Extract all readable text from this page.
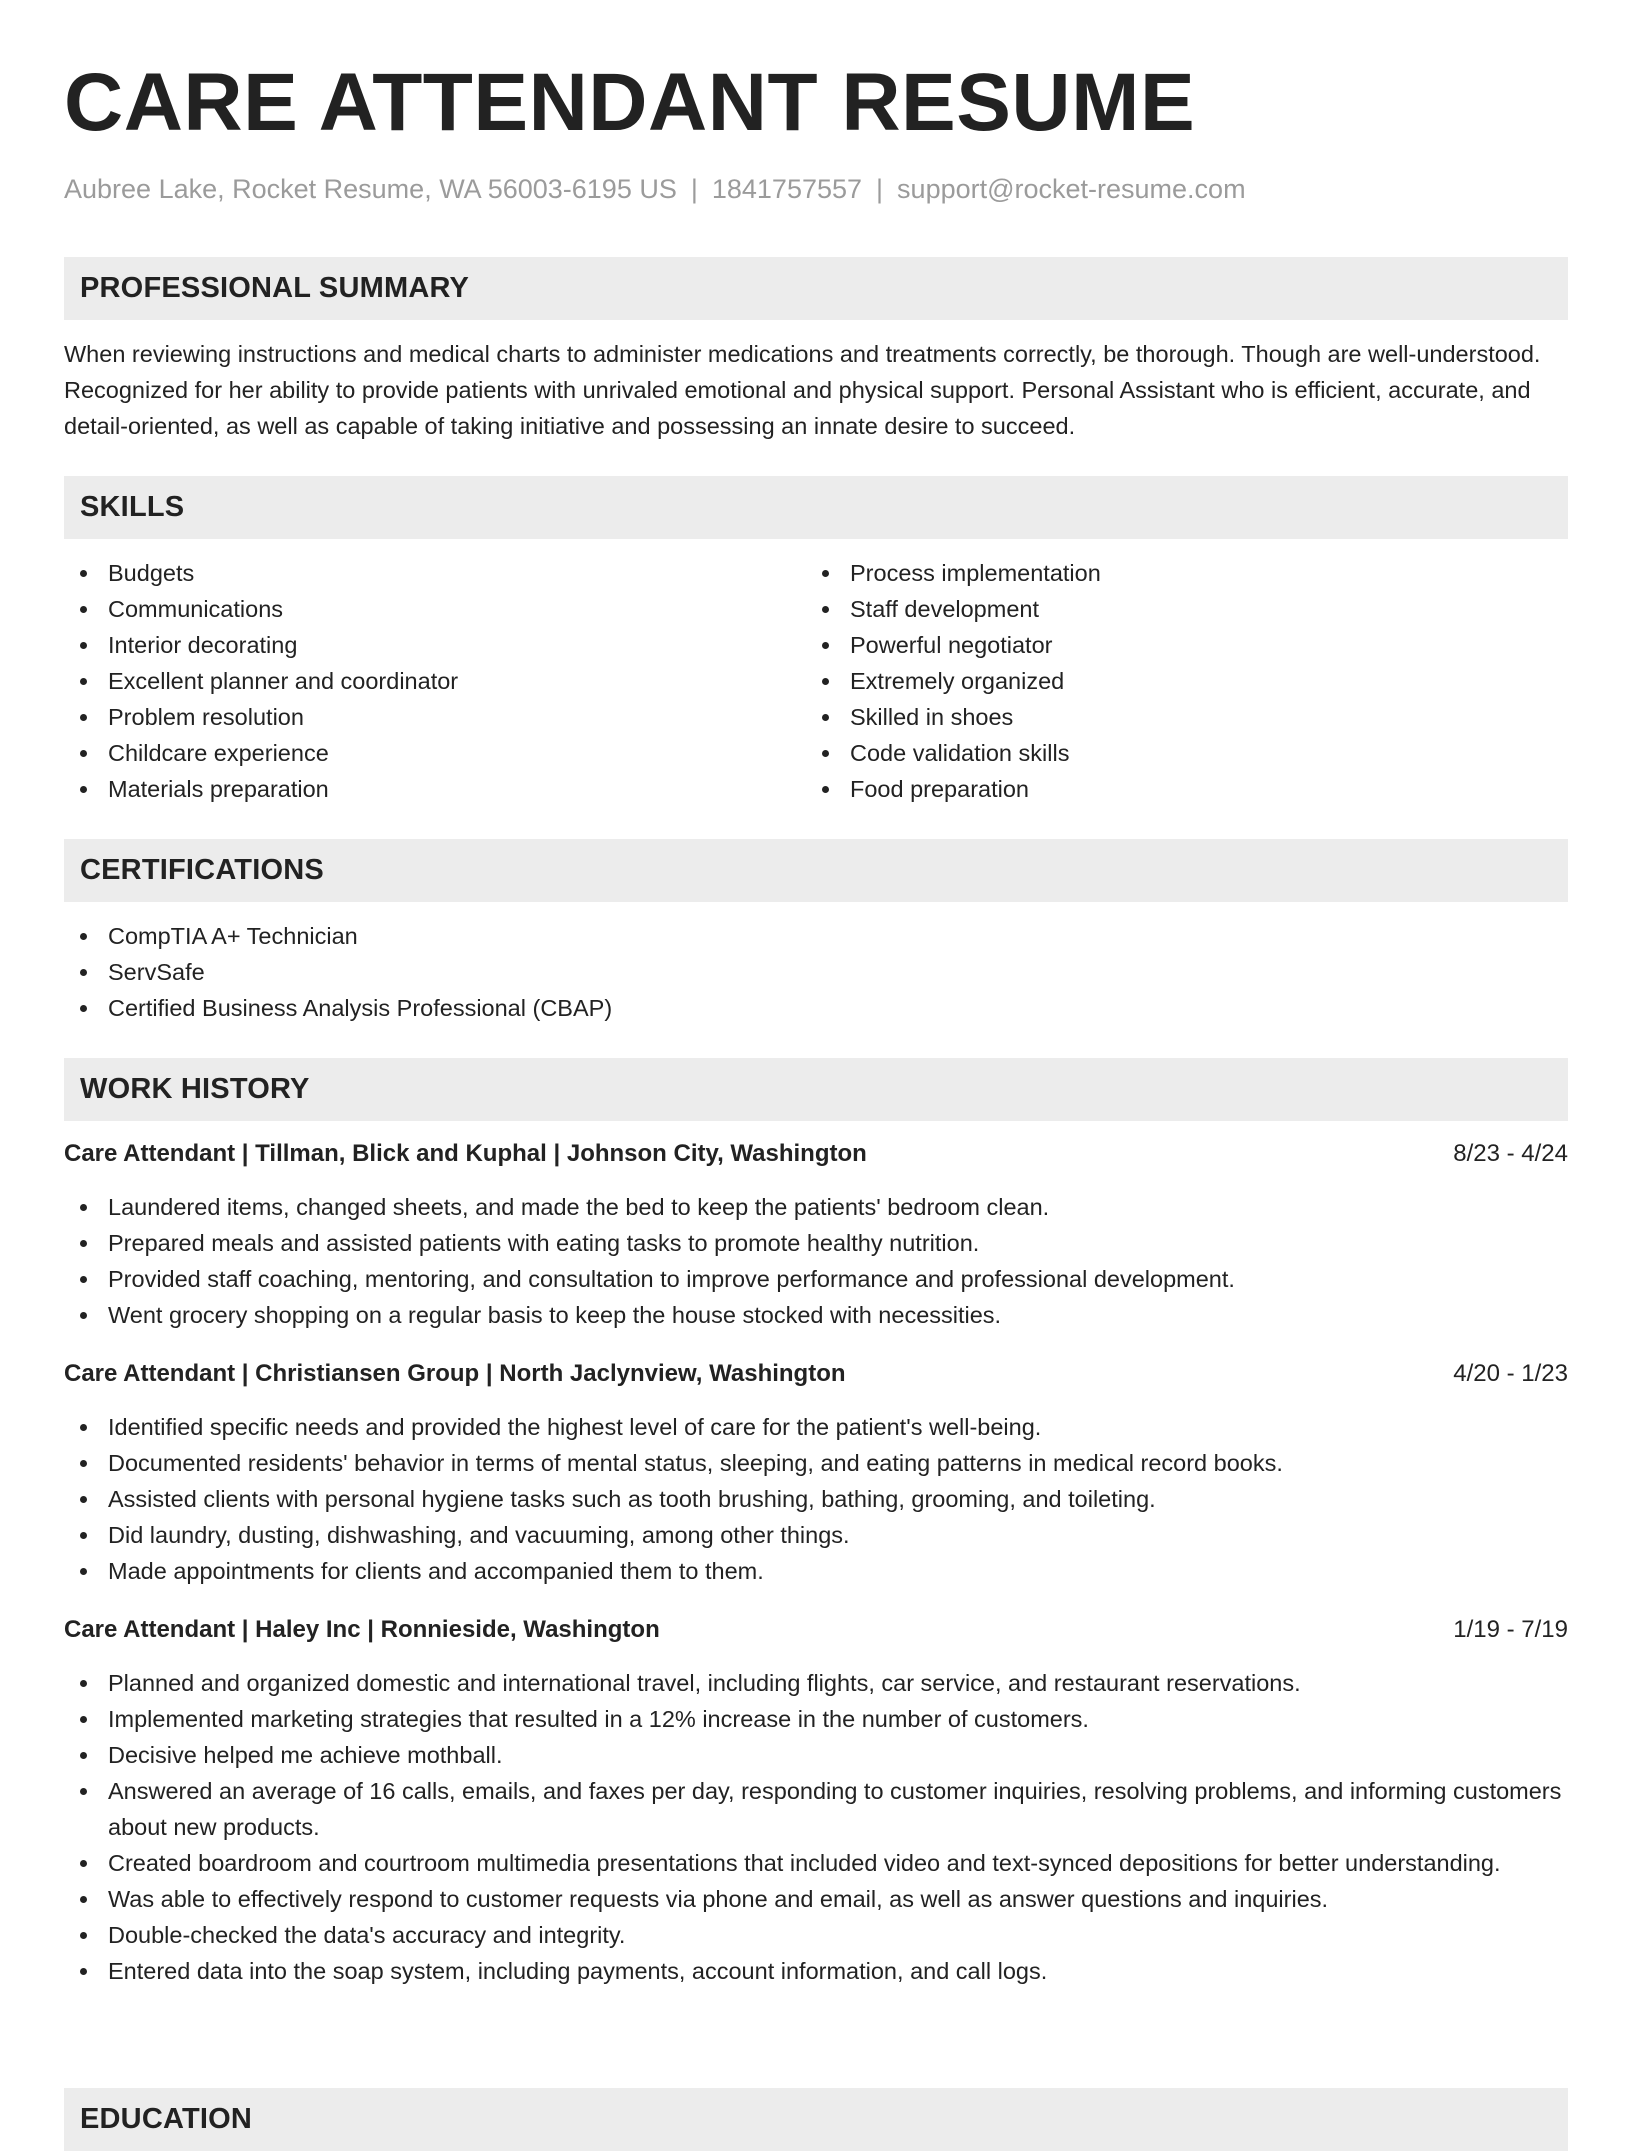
CARE ATTENDANT RESUME
Aubree Lake, Rocket Resume, WA 56003-6195 US | 1841757557 | support@rocket-resume.com
PROFESSIONAL SUMMARY

When reviewing instructions and medical charts to administer medications and treatments correctly, be thorough. Though are well-understood. Recognized for her ability to provide patients with unrivaled emotional and physical support. Personal Assistant who is efficient, accurate, and detail-oriented, as well as capable of taking initiative and possessing an innate desire to succeed.

SKILLS
Budgets
Communications
Interior decorating
Excellent planner and coordinator
Problem resolution
Childcare experience
Materials preparation
Process implementation
Staff development
Powerful negotiator
Extremely organized
Skilled in shoes
Code validation skills
Food preparation
CERTIFICATIONS
CompTIA A+ Technician
ServSafe
Certified Business Analysis Professional (CBAP)
WORK HISTORY
Care Attendant | Tillman, Blick and Kuphal | Johnson City, Washington	8/23 - 4/24
Laundered items, changed sheets, and made the bed to keep the patients' bedroom clean.
Prepared meals and assisted patients with eating tasks to promote healthy nutrition.
Provided staff coaching, mentoring, and consultation to improve performance and professional development.
Went grocery shopping on a regular basis to keep the house stocked with necessities.
Care Attendant | Christiansen Group | North Jaclynview, Washington	4/20 - 1/23
Identified specific needs and provided the highest level of care for the patient's well-being.
Documented residents' behavior in terms of mental status, sleeping, and eating patterns in medical record books.
Assisted clients with personal hygiene tasks such as tooth brushing, bathing, grooming, and toileting.
Did laundry, dusting, dishwashing, and vacuuming, among other things.
Made appointments for clients and accompanied them to them.
Care Attendant | Haley Inc | Ronnieside, Washington	1/19 - 7/19
Planned and organized domestic and international travel, including flights, car service, and restaurant reservations.
Implemented marketing strategies that resulted in a 12% increase in the number of customers.
Decisive helped me achieve mothball.
Answered an average of 16 calls, emails, and faxes per day, responding to customer inquiries, resolving problems, and informing customers about new products.
Created boardroom and courtroom multimedia presentations that included video and text-synced depositions for better understanding.
Was able to effectively respond to customer requests via phone and email, as well as answer questions and inquiries.
Double-checked the data's accuracy and integrity.
Entered data into the soap system, including payments, account information, and call logs.
EDUCATION
